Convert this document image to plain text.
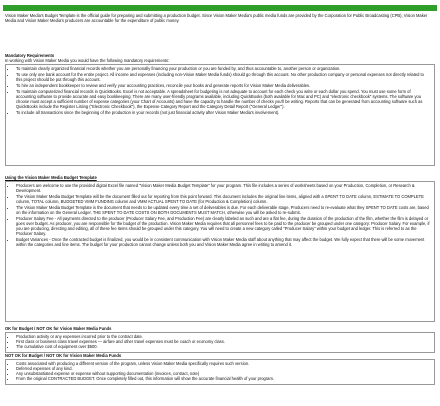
Vision Maker Media's Budget Template is the official guide for preparing and submitting a production budget. Since Vision Maker Media's public media funds are provided by the Corporation for Public Broadcasting (CPB), Vision Maker Media and Vision Maker Media's producers are accountable for the expenditure of public money.
Mandatory Requirements
In working with Vision Maker Media you would have the following mandatory requirements:
• To maintain clearly organized financial records whether you are personally financing your production or you are funded by, and thus accountable to, another person or organization.
• To use only one bank account for the entire project. All income and expenses (including non-Vision Maker Media funds) should go through this account. No other production company or personal expenses not directly related to this project should be put through this account.
• To hire an independent bookkeeper to review and verify your accounting practices, reconcile your books and generate reports for Vision Maker Media deliverables.
• To maintain computerized financial records in QuickBooks. Excel is not acceptable. A spreadsheet for budgeting is not adequate to account for each check you write or each dollar you spend. You must use some form of accounting software to provide accurate and easy bookkeeping. There are many user-friendly programs available, including QuickBooks (both available for Mac and PC) and "electronic checkbook" systems. The software you choose must accept a sufficient number of expense categories (your Chart of Accounts) and have the capacity to handle the number of checks you'll be writing. Reports that can be generated from accounting software such as QuickBooks include the Register Listing ("Electronic Checkbook"), the Expense Category Report and the Category Detail Report ("General Ledger").
• To include all transactions since the beginning of the production in your records (not just financial activity after Vision Maker Media's involvement).
Using the Vision Maker Media Budget Template
• Producers are welcome to use the provided digital Excel file named "Vision Maker Media Budget Template" for your program. This file includes a series of worksheets based on your Production, Completion, or Research & Development.
• The Vision Maker Media Budget Template will be the document filled out for reporting from this point forward. This document includes the original line items, aligned with a SPENT TO DATE column, ESTIMATE TO COMPLETE column, TOTAL column, BUDGETED VMM FUNDING column and VMM ACTUAL SPENT TO DATE (for Production & Completion) column.
• The Vision Maker Media Budget Template is the document that needs to be updated every time a set of deliverables is due. For each deliverable stage, Producers need to re-evaluate what they SPENT TO DATE costs are, based on the information on the General Ledger. THE SPENT TO DATE COSTS ON BOTH DOCUMENTS MUST MATCH, otherwise you will be asked to re-submit.
• Producer Salary Fee - All payments directed to the producer (Producer Salary Fee, and Production Fee) are clearly labeled as such and are a flat fee, during the duration of the production of the film, whether the film is delayed or goes over budget. As producer, you are responsible for the budget of the production. Vision Maker Media requires that all personnel fees to be paid to the producer be grouped under one category: Producer Salary. For example, if you are producing, directing and editing, all of these fee items should be grouped under this category. You will need to create a new category called "Producer Salary" within your budget and ledger. This is referred to as the Producer Salary.
• Budget Variances - Once the contracted budget is finalized, you would be in consistent communication with Vision Maker Media staff about anything that may affect the budget. We fully expect that there will be some movement within the categories and line items. The budget for your production cannot change unless both you and Vision Maker Media agree in writing to amend it.
OK for Budget / NOT OK for Vision Maker Media Funds
• Production activity or any expenses incurred prior to the contract date.
• First class or business class travel expenses — airfare and other travel expenses must be coach or economy class.
• The cumulative cost of equipment over $500.
NOT OK for Budget / NOT OK for Vision Maker Media Funds
• Costs associated with producing a different version of the program, unless Vision Maker Media specifically requires such version.
• Deferred expenses of any kind.
• Any unsubstantiated expense or expense without supporting documentation (invoices, contract, note)
• From the original CONTRACTED BUDGET. Once completely filled out, this information will show the accurate financial health of your program.
